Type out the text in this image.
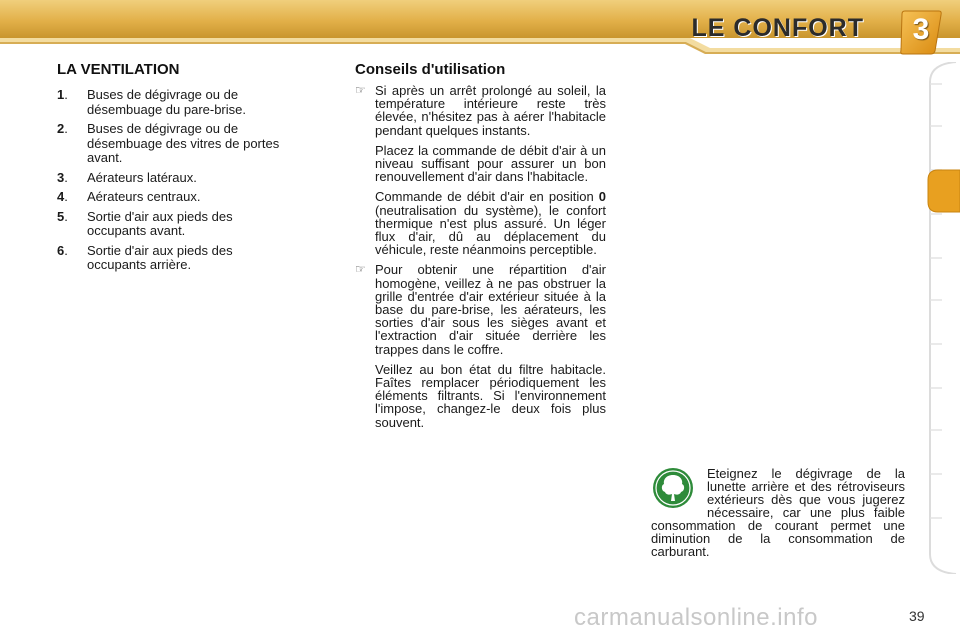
LE CONFORT	3
LA VENTILATION
1. Buses de dégivrage ou de désembuage du pare-brise.
2. Buses de dégivrage ou de désembuage des vitres de portes avant.
3. Aérateurs latéraux.
4. Aérateurs centraux.
5. Sortie d'air aux pieds des occupants avant.
6. Sortie d'air aux pieds des occupants arrière.
Conseils d'utilisation
☞ Si après un arrêt prolongé au soleil, la température intérieure reste très élevée, n'hésitez pas à aérer l'habitacle pendant quelques instants.

Placez la commande de débit d'air à un niveau suffisant pour assurer un bon renouvellement d'air dans l'habitacle.

Commande de débit d'air en position 0 (neutralisation du système), le confort thermique n'est plus assuré. Un léger flux d'air, dû au déplacement du véhicule, reste néanmoins perceptible.

☞ Pour obtenir une répartition d'air homogène, veillez à ne pas obstruer la grille d'entrée d'air extérieur située à la base du pare-brise, les aérateurs, les sorties d'air sous les sièges avant et l'extraction d'air située derrière les trappes dans le coffre.

Veillez au bon état du filtre habitacle. Faîtes remplacer périodiquement les éléments filtrants. Si l'environnement l'impose, changez-le deux fois plus souvent.

Eteignez le dégivrage de la lunette arrière et des rétroviseurs extérieurs dès que vous jugerez nécessaire, car une plus faible consommation de courant permet une diminution de la consommation de carburant.
carmanualsonline.info	39
